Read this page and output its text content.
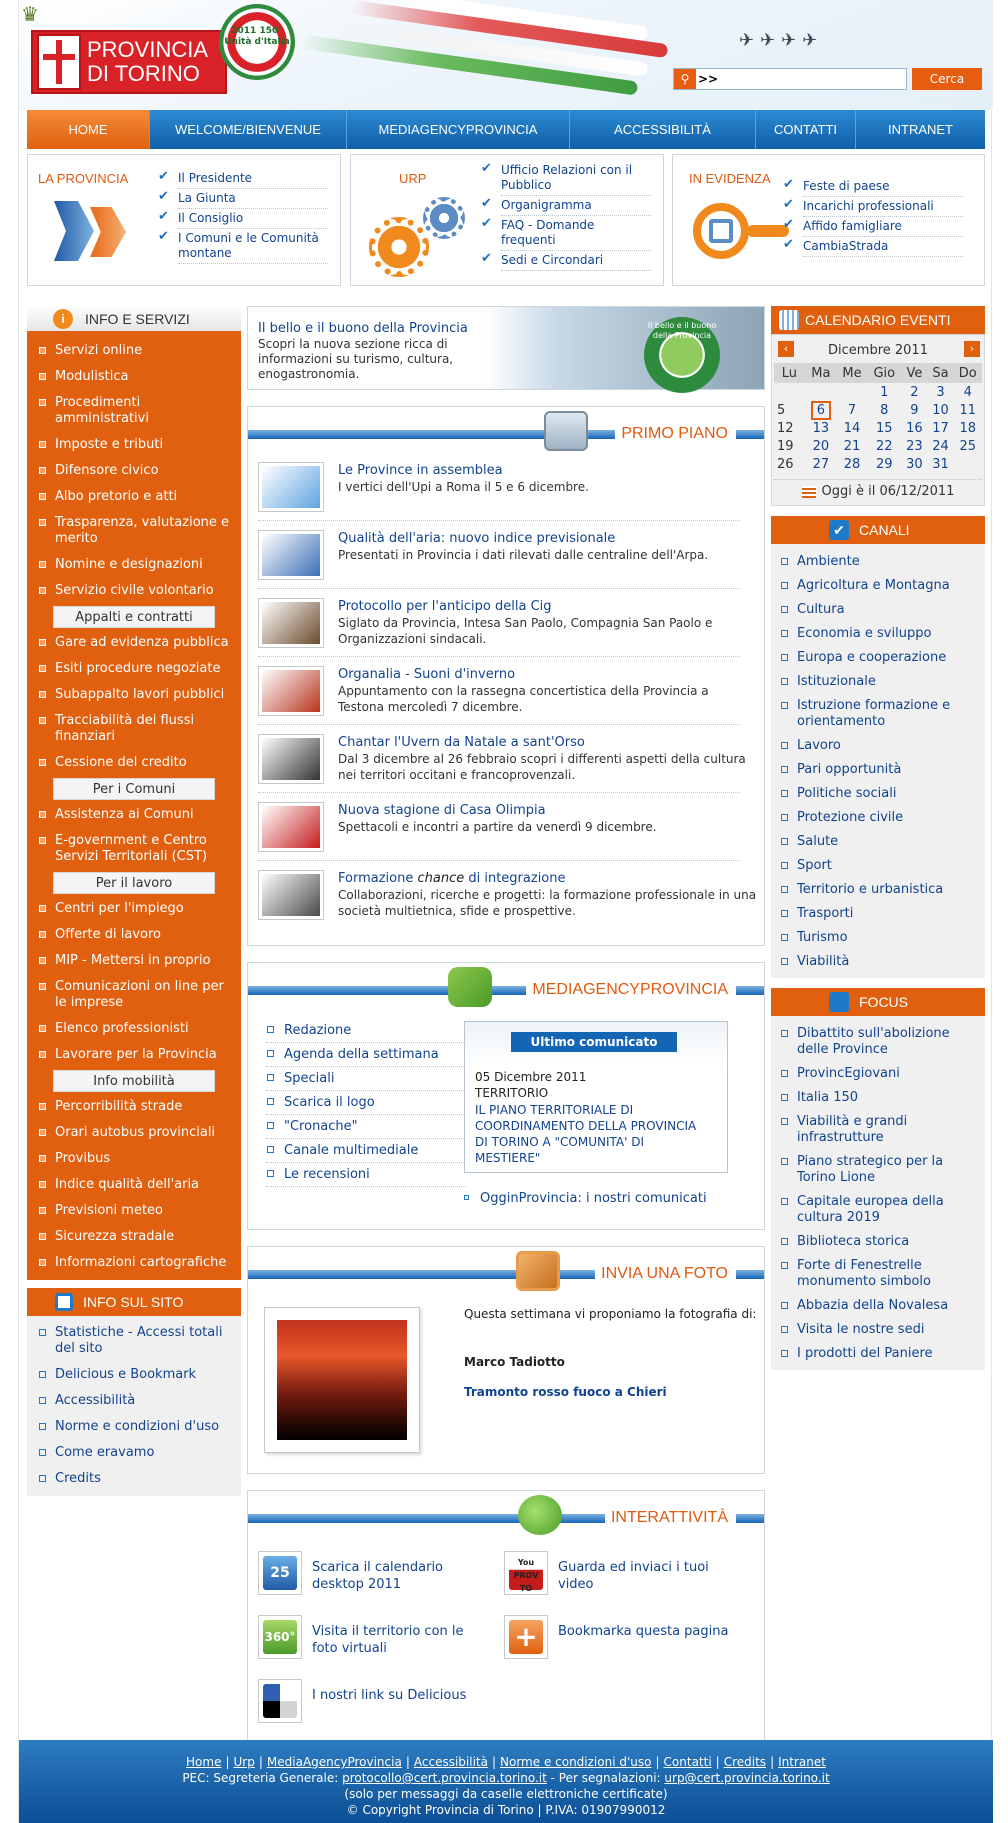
✈✈✈✈
♛
PROVINCIA
DI TORINO
2011 150° Unità d'Italia
⚲
>>	Cerca
HOME	WELCOME/BIENVENUE	MEDIAGENCYPROVINCIA	ACCESSIBILITÀ	CONTATTI	INTRANET
LA PROVINCIA	✔ Il Presidente
✔ La Giunta
✔ Il Consiglio
✔ I Comuni e le Comunità montane
URP
✔ Ufficio Relazioni con il Pubblico
✔ Organigramma
✔ FAQ - Domande frequenti
✔ Sedi e Circondari
IN EVIDENZA	✔ Feste di paese
✔ Incarichi professionali
✔ Affido famigliare
✔ CambiaStrada
i	INFO E SERVIZI
Servizi online
Modulistica
Procedimenti amministrativi
Imposte e tributi
Difensore civico
Albo pretorio e atti
Trasparenza, valutazione e merito
Nomine e designazioni
Servizio civile volontario
Appalti e contratti
Gare ad evidenza pubblica
Esiti procedure negoziate
Subappalto lavori pubblici
Tracciabilità dei flussi finanziari
Cessione del credito
Per i Comuni
Assistenza ai Comuni
E-government e Centro Servizi Territoriali (CST)
Per il lavoro
Centri per l'impiego
Offerte di lavoro
MIP - Mettersi in proprio
Comunicazioni on line per le imprese
Elenco professionisti
Lavorare per la Provincia
Info mobilità
Percorribilità strade
Orari autobus provinciali
Provibus
Indice qualità dell'aria
Previsioni meteo
Sicurezza stradale
Informazioni cartografiche
INFO SUL SITO
Statistiche - Accessi totali del sito
Delicious e Bookmark
Accessibilità
Norme e condizioni d'uso
Come eravamo
Credits
Il bello e il buono della Provincia
Scopri la nuova sezione ricca di informazioni su turismo, cultura, enogastronomia.
Il bello e il buono della Provincia
PRIMO PIANO
Le Province in assemblea
I vertici dell'Upi a Roma il 5 e 6 dicembre.
Qualità dell'aria: nuovo indice previsionale
Presentati in Provincia i dati rilevati dalle centraline dell'Arpa.
Protocollo per l'anticipo della Cig
Siglato da Provincia, Intesa San Paolo, Compagnia San Paolo e Organizzazioni sindacali.
Organalia - Suoni d'inverno
Appuntamento con la rassegna concertistica della Provincia a Testona mercoledì 7 dicembre.
Chantar l'Uvern da Natale a sant'Orso
Dal 3 dicembre al 26 febbraio scopri i differenti aspetti della cultura nei territori occitani e francoprovenzali.
Nuova stagione di Casa Olimpia
Spettacoli e incontri a partire da venerdì 9 dicembre.
Formazione chance di integrazione
Collaborazioni, ricerche e progetti: la formazione professionale in una società multietnica, sfide e prospettive.
MEDIAGENCYPROVINCIA
Redazione
Agenda della settimana
Speciali
Scarica il logo
"Cronache"
Canale multimediale
Le recensioni
Ultimo comunicato
05 Dicembre 2011
TERRITORIO
IL PIANO TERRITORIALE DI COORDINAMENTO DELLA PROVINCIA DI TORINO A "COMUNITA' DI MESTIERE"
OgginProvincia: i nostri comunicati
INVIA UNA FOTO
Questa settimana vi proponiamo la fotografia di:
Marco Tadiotto
Tramonto rosso fuoco a Chieri
INTERATTIVITÀ
25	Scarica il calendario desktop 2011
You PROV TO
Guarda ed inviaci i tuoi video
360° Visita il territorio con le foto virtuali	+	Bookmarka questa pagina
I nostri link su Delicious
CALENDARIO EVENTI
Dicembre 2011
‹	›
Lu	Ma	Me	Gio	Ve	Sa	Do
			1	2	3	4
5	6	7	8	9	10	11
12	13	14	15	16	17	18
19	20	21	22	23	24	25
26	27	28	29	30	31	
Oggi è il 06/12/2011
✔ CANALI
Ambiente
Agricoltura e Montagna
Cultura
Economia e sviluppo
Europa e cooperazione
Istituzionale
Istruzione formazione e orientamento
Lavoro
Pari opportunità
Politiche sociali
Protezione civile
Salute
Sport
Territorio e urbanistica
Trasporti
Turismo
Viabilità
FOCUS
Dibattito sull'abolizione delle Province
ProvincEgiovani
Italia 150
Viabilità e grandi infrastrutture
Piano strategico per la Torino Lione
Capitale europea della cultura 2019
Biblioteca storica
Forte di Fenestrelle monumento simbolo
Abbazia della Novalesa
Visita le nostre sedi
I prodotti del Paniere
Home | Urp | MediaAgencyProvincia | Accessibilità | Norme e condizioni d'uso | Contatti | Credits | Intranet
PEC: Segreteria Generale: protocollo@cert.provincia.torino.it - Per segnalazioni: urp@cert.provincia.torino.it
(solo per messaggi da caselle elettroniche certificate)
© Copyright Provincia di Torino | P.IVA: 01907990012
